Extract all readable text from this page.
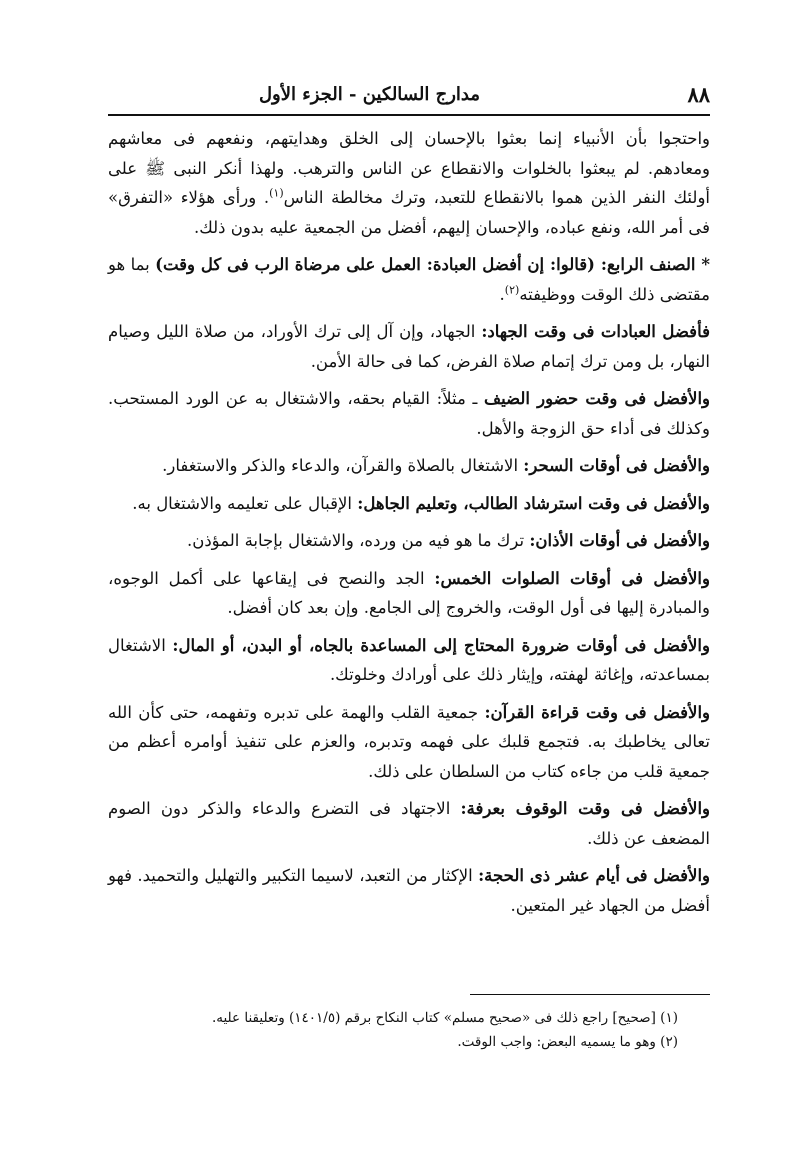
٨٨
مدارج السالكين - الجزء الأول

واحتجوا بأن الأنبياء إنما بعثوا بالإحسان إلى الخلق وهدايتهم، ونفعهم فى معاشهم ومعادهم. لم يبعثوا بالخلوات والانقطاع عن الناس والترهب. ولهذا أنكر النبى ﷺ على أولئك النفر الذين هموا بالانقطاع للتعبد، وترك مخالطة الناس$^{(١)}$. ورأى هؤلاء «التفرق» فى أمر الله، ونفع عباده، والإحسان إليهم، أفضل من الجمعية عليه بدون ذلك.

* الصنف الرابع: (قالوا: إن أفضل العبادة: العمل على مرضاة الرب فى كل وقت) بما هو مقتضى ذلك الوقت ووظيفته$^{(٢)}$.

فأفضل العبادات فى وقت الجهاد: الجهاد، وإن آل إلى ترك الأوراد، من صلاة الليل وصيام النهار، بل ومن ترك إتمام صلاة الفرض، كما فى حالة الأمن.

والأفضل فى وقت حضور الضيف ـ مثلاً: القيام بحقه، والاشتغال به عن الورد المستحب. وكذلك فى أداء حق الزوجة والأهل.

والأفضل فى أوقات السحر: الاشتغال بالصلاة والقرآن، والدعاء والذكر والاستغفار.

والأفضل فى وقت استرشاد الطالب، وتعليم الجاهل: الإقبال على تعليمه والاشتغال به.

والأفضل فى أوقات الأذان: ترك ما هو فيه من ورده، والاشتغال بإجابة المؤذن.

والأفضل فى أوقات الصلوات الخمس: الجد والنصح فى إيقاعها على أكمل الوجوه، والمبادرة إليها فى أول الوقت، والخروج إلى الجامع. وإن بعد كان أفضل.

والأفضل فى أوقات ضرورة المحتاج إلى المساعدة بالجاه، أو البدن، أو المال: الاشتغال بمساعدته، وإغاثة لهفته، وإيثار ذلك على أورادك وخلوتك.

والأفضل فى وقت قراءة القرآن: جمعية القلب والهمة على تدبره وتفهمه، حتى كأن الله تعالى يخاطبك به. فتجمع قلبك على فهمه وتدبره، والعزم على تنفيذ أوامره أعظم من جمعية قلب من جاءه كتاب من السلطان على ذلك.

والأفضل فى وقت الوقوف بعرفة: الاجتهاد فى التضرع والدعاء والذكر دون الصوم المضعف عن ذلك.

والأفضل فى أيام عشر ذى الحجة: الإكثار من التعبد، لاسيما التكبير والتهليل والتحميد. فهو أفضل من الجهاد غير المتعين.

(١) [صحيح] راجع ذلك فى «صحيح مسلم» كتاب النكاح برقم (١٤٠١/٥) وتعليقنا عليه.

(٢) وهو ما يسميه البعض: واجب الوقت.
